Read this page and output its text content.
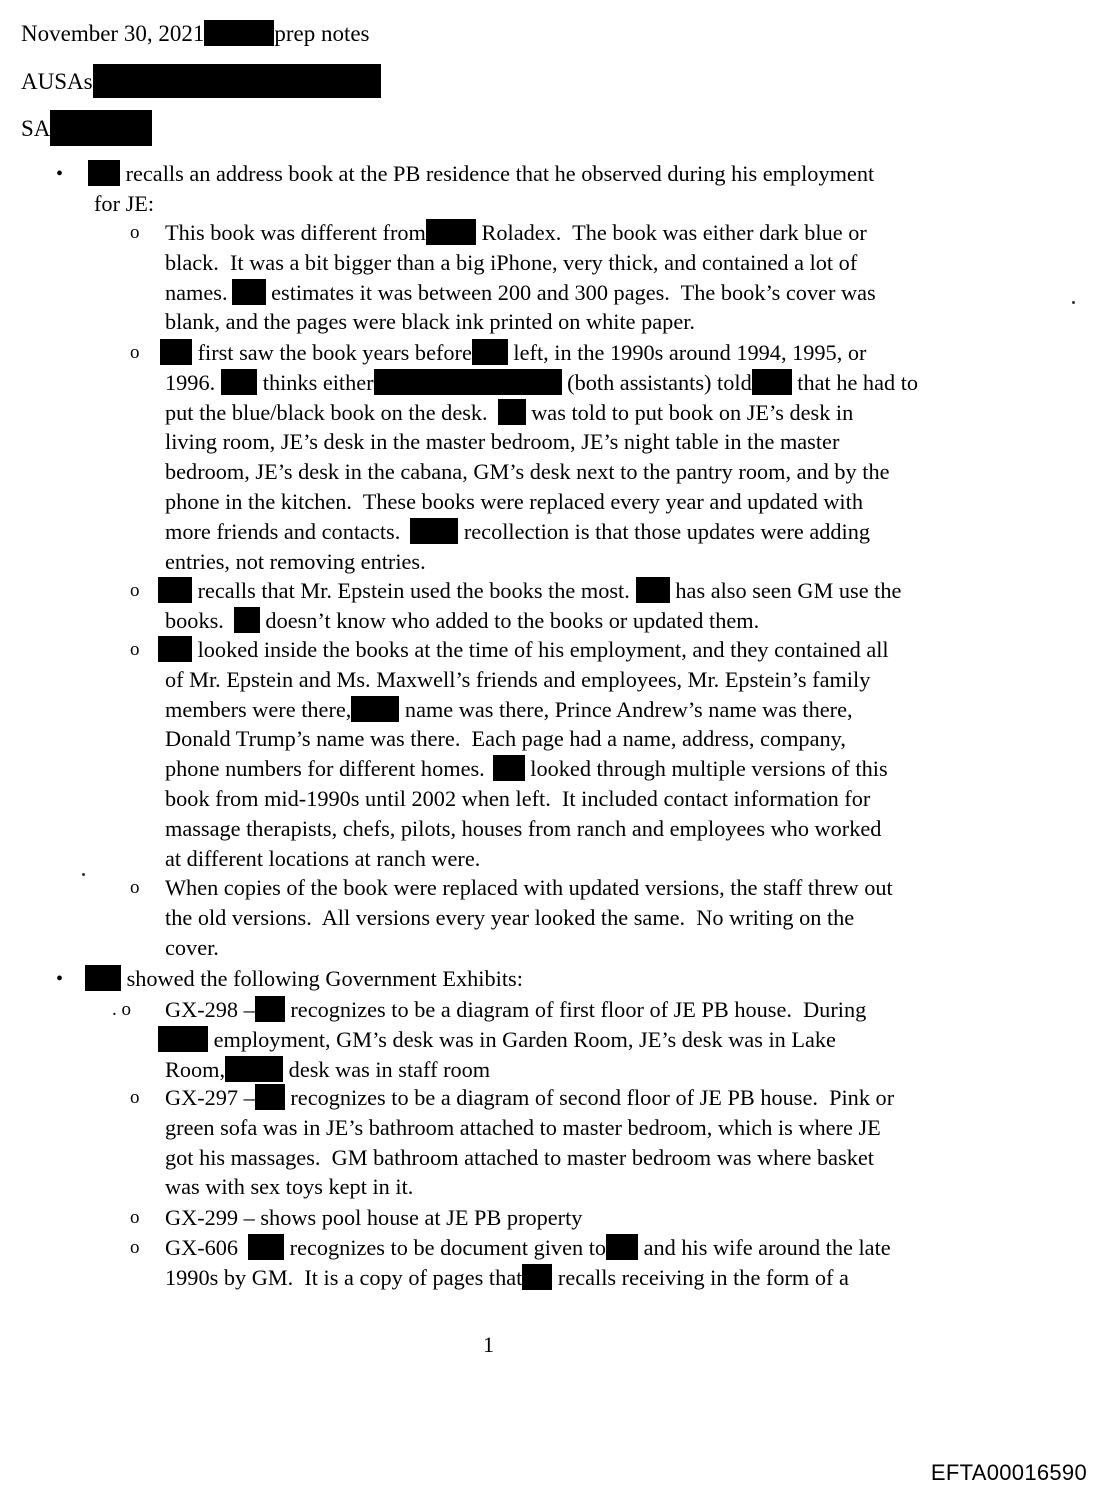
November 30, 2021	prep notes
AUSAs
SA
•	recalls an address book at the PB residence that he observed during his employment
for JE:
o This book was different from Roladex.  The book was either dark blue or
black.  It was a bit bigger than a big iPhone, very thick, and contained a lot of
names. estimates it was between 200 and 300 pages.  The book’s cover was
blank, and the pages were black ink printed on white paper.
o	first saw the book years before left, in the 1990s around 1994, 1995, or
1996. thinks either	(both assistants) told that he had to
put the blue/black book on the desk. was told to put book on JE’s desk in
living room, JE’s desk in the master bedroom, JE’s night table in the master
bedroom, JE’s desk in the cabana, GM’s desk next to the pantry room, and by the
phone in the kitchen.  These books were replaced every year and updated with
more friends and contacts.	recollection is that those updates were adding
entries, not removing entries.
o	recalls that Mr. Epstein used the books the most. has also seen GM use the
books. doesn’t know who added to the books or updated them.
o	looked inside the books at the time of his employment, and they contained all
of Mr. Epstein and Ms. Maxwell’s friends and employees, Mr. Epstein’s family
members were there, name was there, Prince Andrew’s name was there,
Donald Trump’s name was there.  Each page had a name, address, company,
phone numbers for different homes. looked through multiple versions of this
book from mid-1990s until 2002 when left.  It included contact information for
massage therapists, chefs, pilots, houses from ranch and employees who worked
at different locations at ranch were.
o When copies of the book were replaced with updated versions, the staff threw out
the old versions.  All versions every year looked the same.  No writing on the
cover.
•	showed the following Government Exhibits:
. o GX-298 – recognizes to be a diagram of first floor of JE PB house.  During
employment, GM’s desk was in Garden Room, JE’s desk was in Lake
Room,	desk was in staff room
o GX-297 – recognizes to be a diagram of second floor of JE PB house.  Pink or
green sofa was in JE’s bathroom attached to master bedroom, which is where JE
got his massages.  GM bathroom attached to master bedroom was where basket
was with sex toys kept in it.
o GX-299 – shows pool house at JE PB property
o GX-606 recognizes to be document given to and his wife around the late
1990s by GM.  It is a copy of pages that recalls receiving in the form of a
1
EFTA00016590
